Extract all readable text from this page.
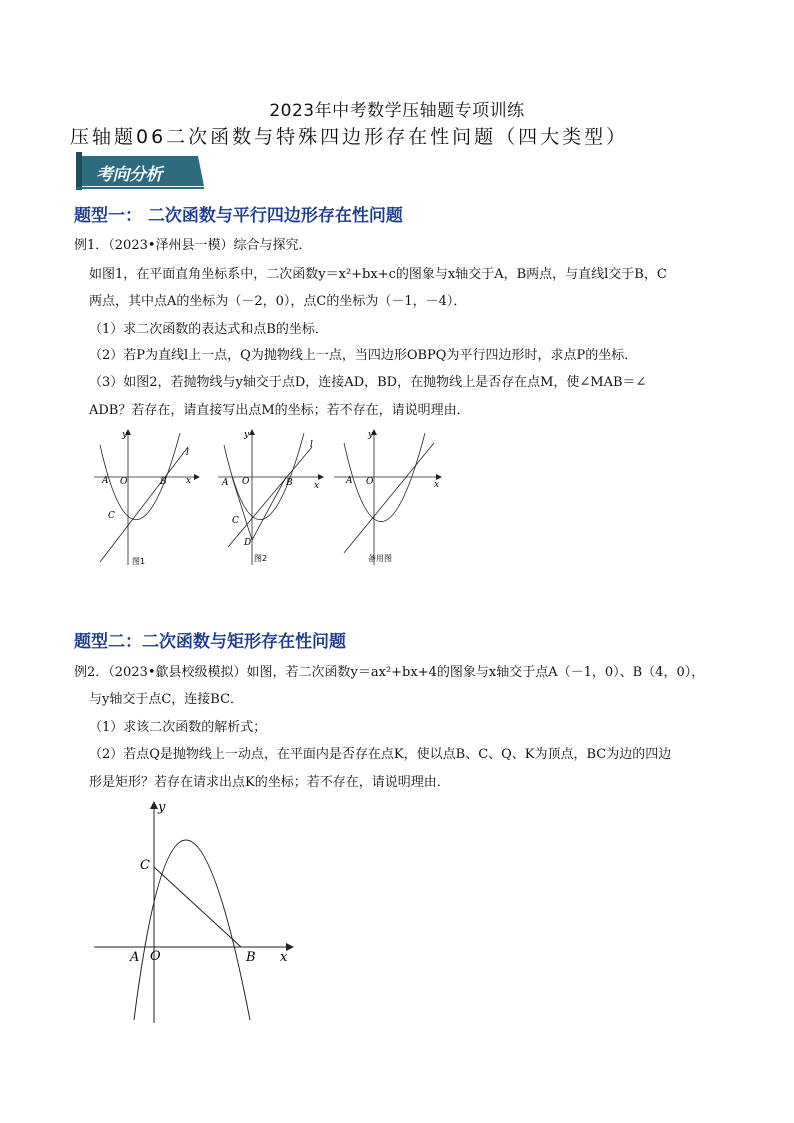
2023年中考数学压轴题专项训练
压轴题06二次函数与特殊四边形存在性问题（四大类型）
考向分析
题型一： 二次函数与平行四边形存在性问题
例1．（2023•泽州县一模）综合与探究．
如图1，在平面直角坐标系中，二次函数y＝x²+bx+c的图象与x轴交于A，B两点，与直线l交于B，C
两点，其中点A的坐标为（－2，0），点C的坐标为（－1，－4）．
（1）求二次函数的表达式和点B的坐标．
（2）若P为直线l上一点，Q为抛物线上一点，当四边形OBPQ为平行四边形时，求点P的坐标．
（3）如图2，若抛物线与y轴交于点D，连接AD，BD，在抛物线上是否存在点M，使∠MAB＝∠
ADB？若存在，请直接写出点M的坐标；若不存在，请说明理由．
y
x
l
A O	B
C
图1
y
x
l
A O	B
C
D
图2
y
x
A O
备用图
题型二：二次函数与矩形存在性问题
例2．（2023•歙县校级模拟）如图，若二次函数y＝ax²+bx+4的图象与x轴交于点A（－1，0）、B（4，0），
与y轴交于点C，连接BC．
（1）求该二次函数的解析式；
（2）若点Q是抛物线上一动点，在平面内是否存在点K，使以点B、C、Q、K为顶点，BC为边的四边
形是矩形？若存在请求出点K的坐标；若不存在，请说明理由．
y
x
A O	B
C
